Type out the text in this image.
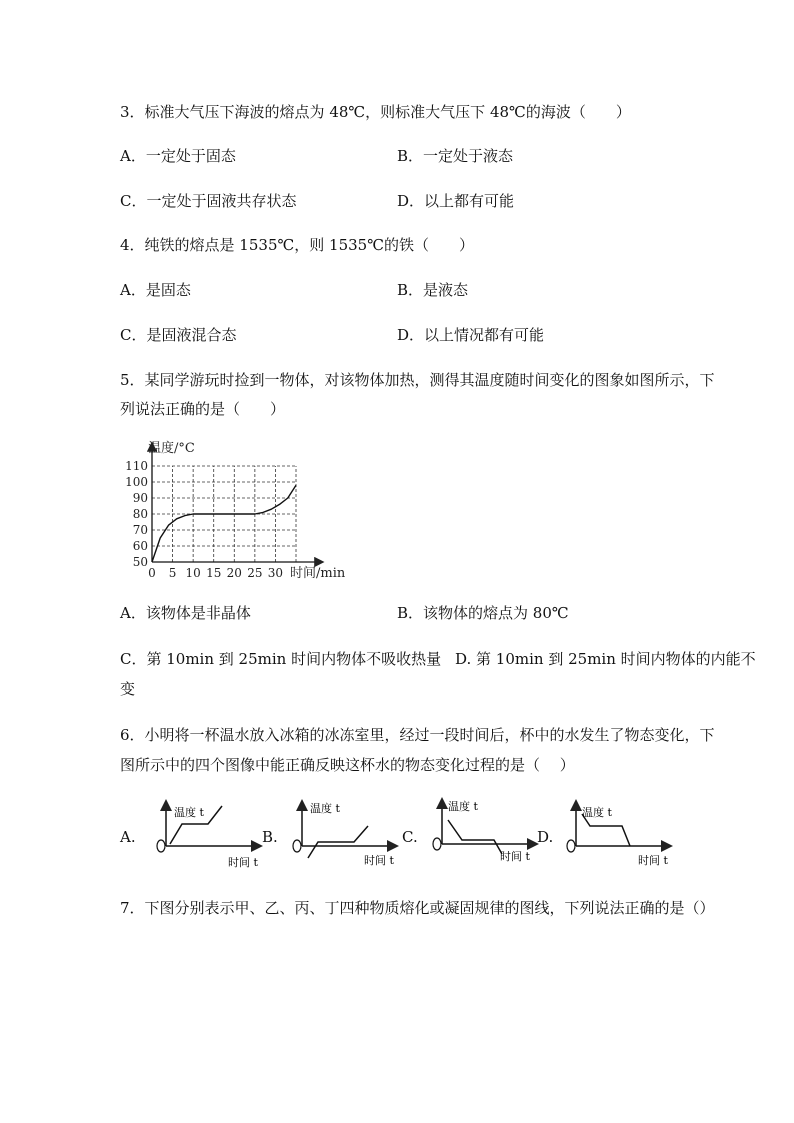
3．标准大气压下海波的熔点为 48℃，则标准大气压下 48℃的海波（　　）
A．一定处于固态	B．一定处于液态
C．一定处于固液共存状态	D．以上都有可能
4．纯铁的熔点是 1535℃，则 1535℃的铁（　　）
A．是固态	B．是液态
C．是固液混合态	D．以上情况都有可能
5．某同学游玩时捡到一物体，对该物体加热，测得其温度随时间变化的图象如图所示，下
列说法正确的是（　　）
0 5 10 15 20 25 30
50
60
70
80
90
100
110
温度/°C
时间/min
A．该物体是非晶体	B．该物体的熔点为 80℃
C．第 10min 到 25min 时间内物体不吸收热量 D. 第 10min 到 25min 时间内物体的内能不
变
6．小明将一杯温水放入冰箱的冰冻室里，经过一段时间后，杯中的水发生了物态变化，下
图所示中的四个图像中能正确反映这杯水的物态变化过程的是（　 ）
A.
温度 t
时间 t
B.
温度 t
时间 t
C.
温度 t
时间 t
D.
温度 t
时间 t
7．下图分别表示甲、乙、丙、丁四种物质熔化或凝固规律的图线，下列说法正确的是（）
